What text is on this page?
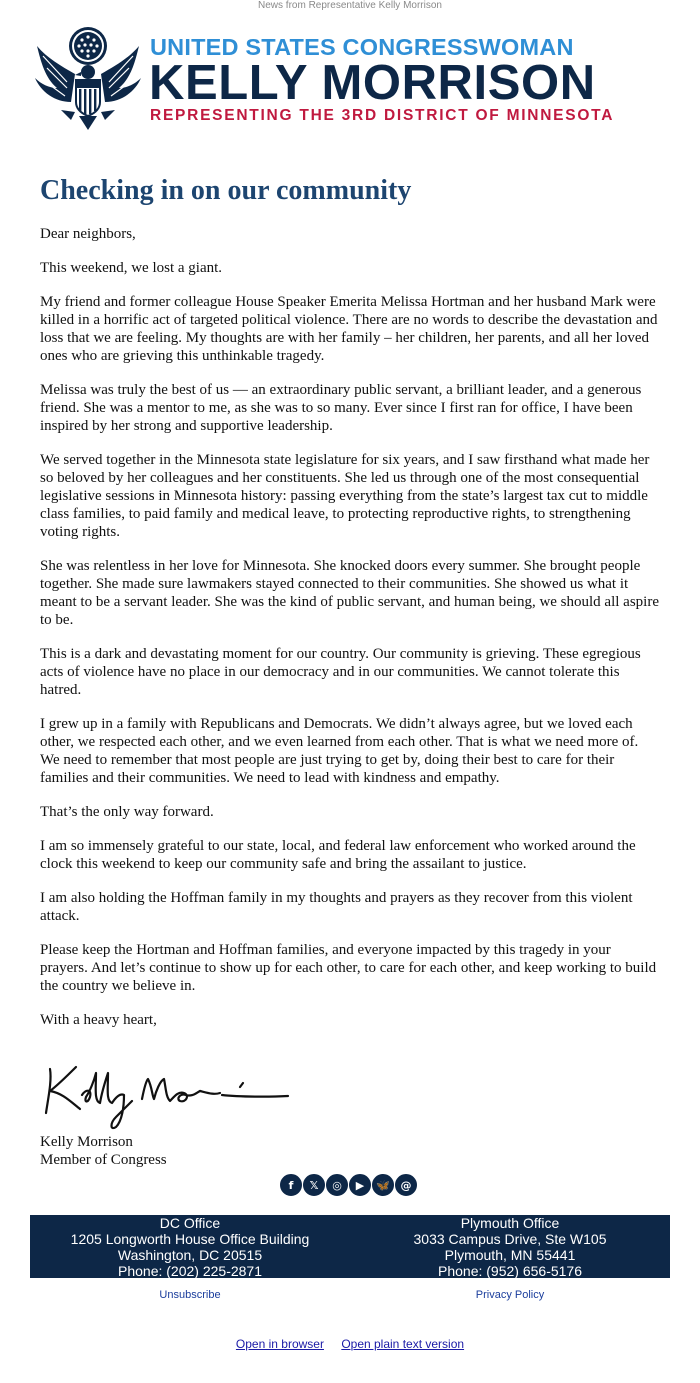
News from Representative Kelly Morrison
UNITED STATES CONGRESSWOMAN
KELLY MORRISON
REPRESENTING THE 3RD DISTRICT OF MINNESOTA
Checking in on our community

Dear neighbors,

This weekend, we lost a giant.

My friend and former colleague House Speaker Emerita Melissa Hortman and her husband Mark were killed in a horrific act of targeted political violence. There are no words to describe the devastation and loss that we are feeling. My thoughts are with her family – her children, her parents, and all her loved ones who are grieving this unthinkable tragedy.

Melissa was truly the best of us — an extraordinary public servant, a brilliant leader, and a generous friend. She was a mentor to me, as she was to so many. Ever since I first ran for office, I have been inspired by her strong and supportive leadership.

We served together in the Minnesota state legislature for six years, and I saw firsthand what made her so beloved by her colleagues and her constituents. She led us through one of the most consequential legislative sessions in Minnesota history: passing everything from the state’s largest tax cut to middle class families, to paid family and medical leave, to protecting reproductive rights, to strengthening voting rights.

She was relentless in her love for Minnesota. She knocked doors every summer. She brought people together. She made sure lawmakers stayed connected to their communities. She showed us what it meant to be a servant leader. She was the kind of public servant, and human being, we should all aspire to be.

This is a dark and devastating moment for our country. Our community is grieving. These egregious acts of violence have no place in our democracy and in our communities. We cannot tolerate this hatred.

I grew up in a family with Republicans and Democrats. We didn’t always agree, but we loved each other, we respected each other, and we even learned from each other. That is what we need more of. We need to remember that most people are just trying to get by, doing their best to care for their families and their communities. We need to lead with kindness and empathy.

That’s the only way forward.

I am so immensely grateful to our state, local, and federal law enforcement who worked around the clock this weekend to keep our community safe and bring the assailant to justice.

I am also holding the Hoffman family in my thoughts and prayers as they recover from this violent attack.

Please keep the Hortman and Hoffman families, and everyone impacted by this tragedy in your prayers. And let’s continue to show up for each other, to care for each other, and keep working to build the country we believe in.

With a heavy heart,

Kelly Morrison
Member of Congress
f	𝕏	◎	▶	🦋 @
DC Office
1205 Longworth House Office Building
Washington, DC 20515
Phone: (202) 225-2871
Plymouth Office
3033 Campus Drive, Ste W105
Plymouth, MN 55441
Phone: (952) 656-5176
Unsubscribe	Privacy Policy
Open in browser Open plain text version
